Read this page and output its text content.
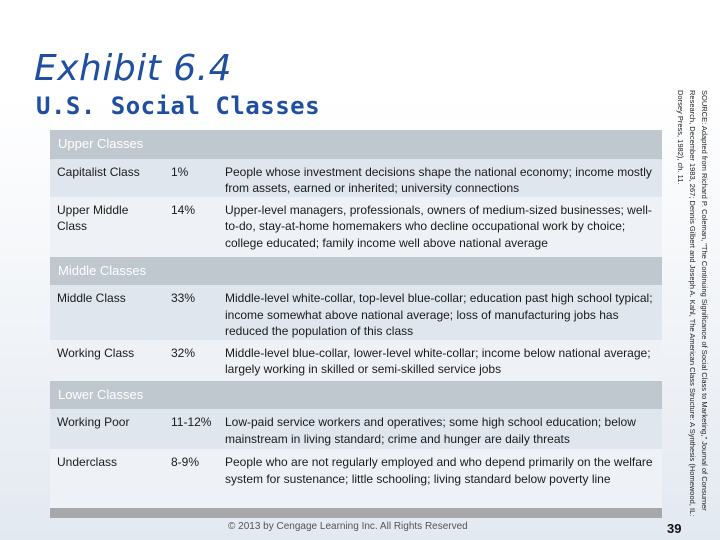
Exhibit 6.4
U.S. Social Classes
Upper Classes		
Capitalist Class	1%	People whose investment decisions shape the national economy; income mostly from assets, earned or inherited; university connections
Upper Middle Class	14%	Upper-level managers, professionals, owners of medium-sized businesses; well-to-do, stay-at-home homemakers who decline occupational work by choice; college educated; family income well above national average
Middle Classes		
Middle Class	33%	Middle-level white-collar, top-level blue-collar; education past high school typical; income somewhat above national average; loss of manufacturing jobs has reduced the population of this class
Working Class	32%	Middle-level blue-collar, lower-level white-collar; income below national average; largely working in skilled or semi-skilled service jobs
Lower Classes		
Working Poor	11-12%	Low-paid service workers and operatives; some high school education; below mainstream in living standard; crime and hunger are daily threats
Underclass	8-9%	People who are not regularly employed and who depend primarily on the welfare system for sustenance; little schooling; living standard below poverty line	SOURCE: Adapted from Richard P. Coleman, "The Continuing Significance of Social Class to Marketing," Journal of Consumer Research, December 1983, 267; Dennis Gilbert and Joseph A. Kahl, The American Class Structure: A Synthesis (Homewood, IL: Dorsey Press, 1982), ch. 11.
© 2013 by Cengage Learning Inc. All Rights Reserved	39
